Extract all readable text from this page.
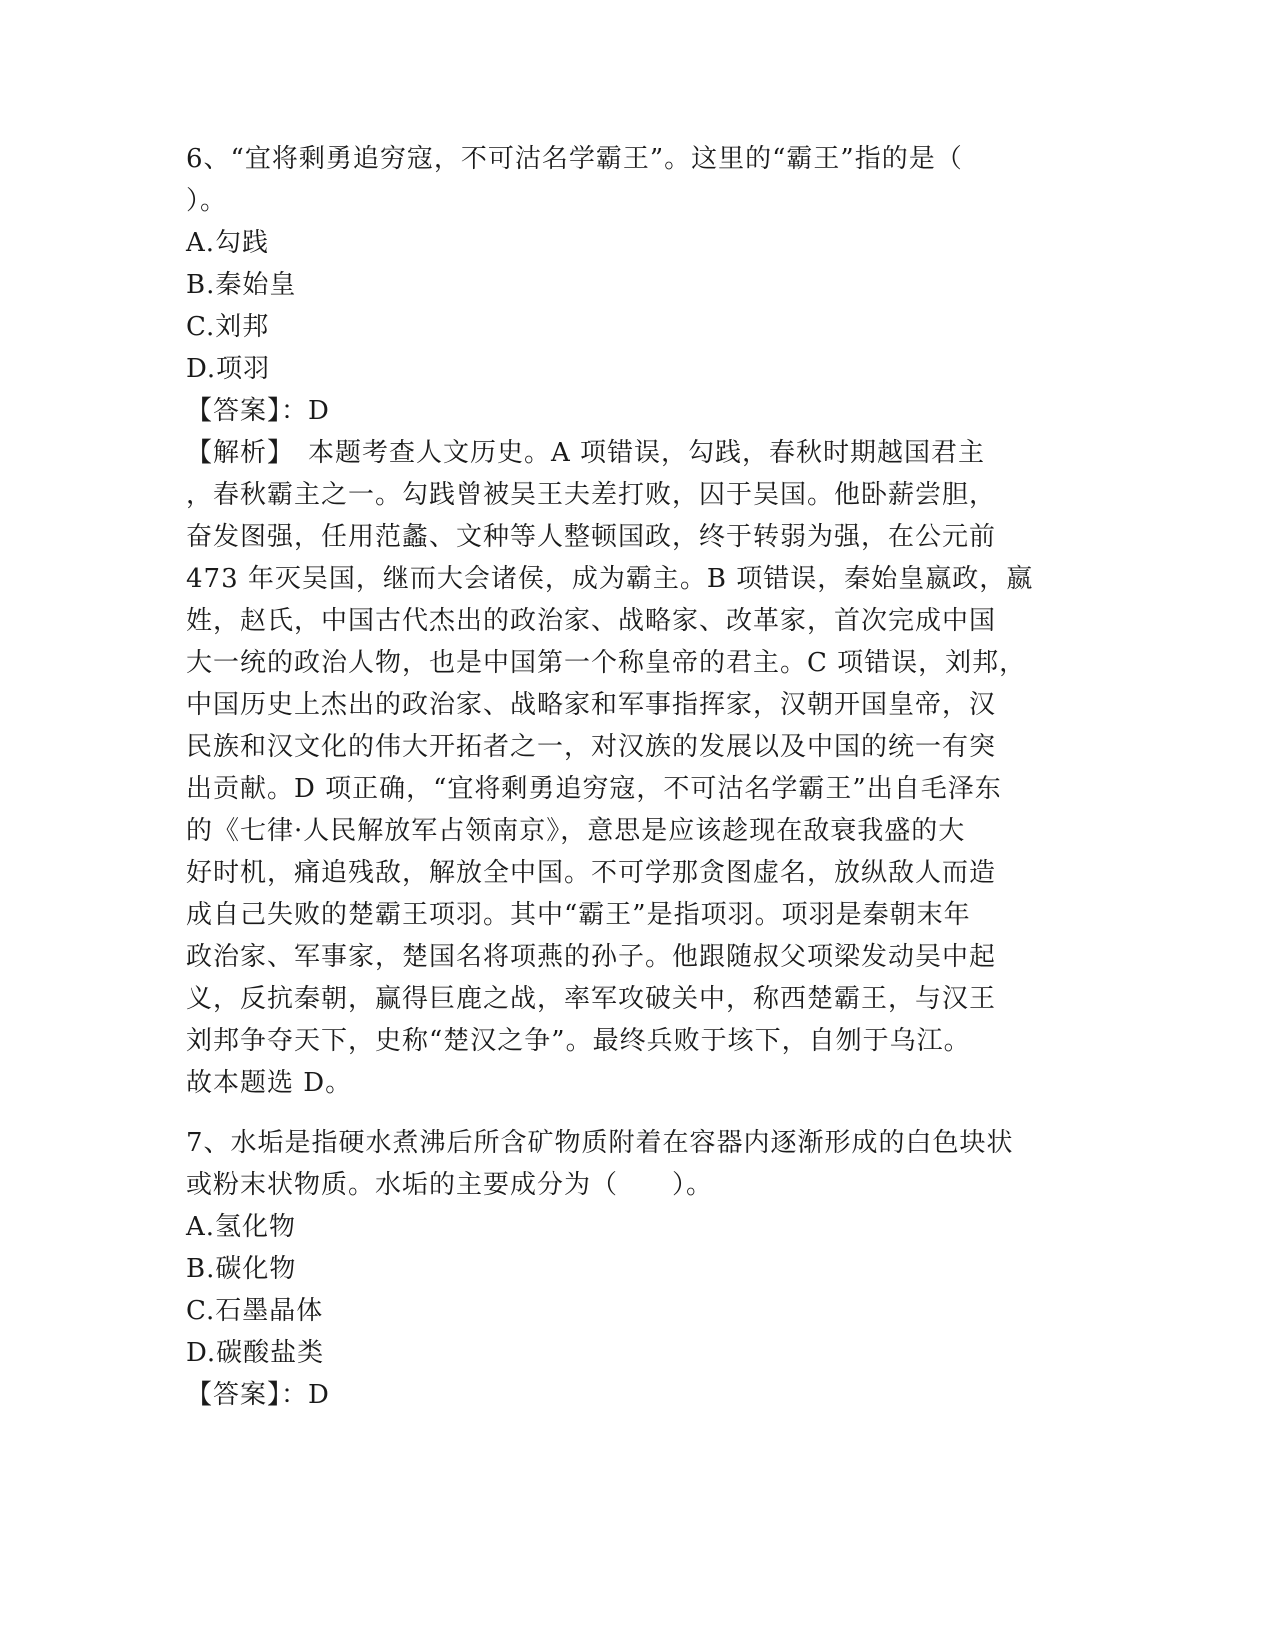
6、“宜将剩勇追穷寇，不可沽名学霸王”。这里的“霸王”指的是（
）。
A.勾践
B.秦始皇
C.刘邦
D.项羽
【答案】：D
【解析】　本题考查人文历史。A 项错误，勾践，春秋时期越国君主
，春秋霸主之一。勾践曾被吴王夫差打败，囚于吴国。他卧薪尝胆，
奋发图强，任用范蠡、文种等人整顿国政，终于转弱为强，在公元前
473 年灭吴国，继而大会诸侯，成为霸主。B 项错误，秦始皇嬴政，嬴
姓，赵氏，中国古代杰出的政治家、战略家、改革家，首次完成中国
大一统的政治人物，也是中国第一个称皇帝的君主。C 项错误，刘邦，
中国历史上杰出的政治家、战略家和军事指挥家，汉朝开国皇帝，汉
民族和汉文化的伟大开拓者之一，对汉族的发展以及中国的统一有突
出贡献。D 项正确，“宜将剩勇追穷寇，不可沽名学霸王”出自毛泽东
的《七律·人民解放军占领南京》，意思是应该趁现在敌衰我盛的大
好时机，痛追残敌，解放全中国。不可学那贪图虚名，放纵敌人而造
成自己失败的楚霸王项羽。其中“霸王”是指项羽。项羽是秦朝末年
政治家、军事家，楚国名将项燕的孙子。他跟随叔父项梁发动吴中起
义，反抗秦朝，赢得巨鹿之战，率军攻破关中，称西楚霸王，与汉王
刘邦争夺天下，史称“楚汉之争”。最终兵败于垓下，自刎于乌江。
故本题选 D。
7、水垢是指硬水煮沸后所含矿物质附着在容器内逐渐形成的白色块状
或粉末状物质。水垢的主要成分为（　　）。
A.氢化物
B.碳化物
C.石墨晶体
D.碳酸盐类
【答案】：D
